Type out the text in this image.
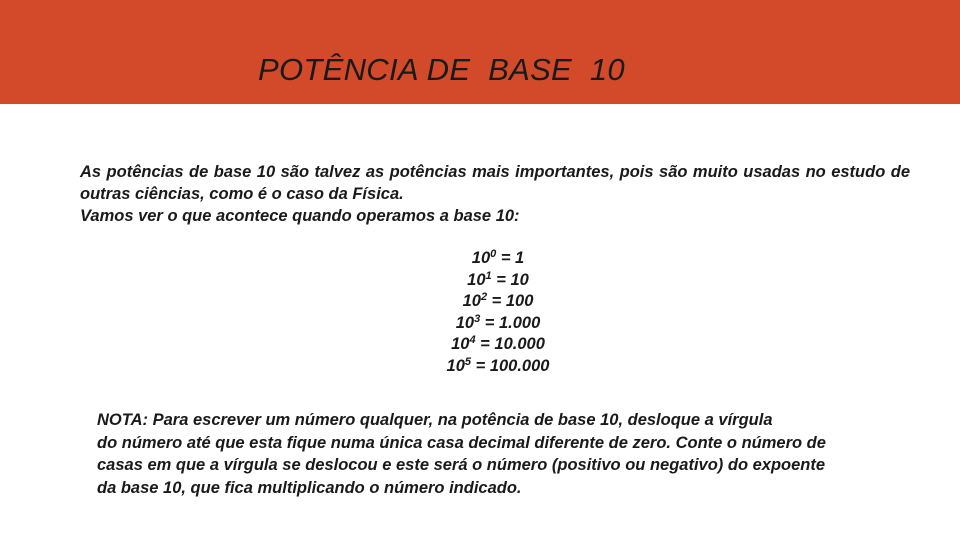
POTÊNCIA DE  BASE  10

As potências de base 10 são talvez as potências mais importantes, pois são muito usadas no estudo de outras ciências, como é o caso da Física.

Vamos ver o que acontece quando operamos a base 10:

$10^0 = 1$
$10^1 = 10$
$10^2 = 100$
$10^3 = 1.000$
$10^4 = 10.000$
$10^5 = 100.000$

NOTA: Para escrever um número qualquer, na potência de base 10, desloque a vírgula

do número até que esta fique numa única casa decimal diferente de zero. Conte o número de

casas em que a vírgula se deslocou e este será o número (positivo ou negativo) do expoente

da base 10, que fica multiplicando o número indicado.
